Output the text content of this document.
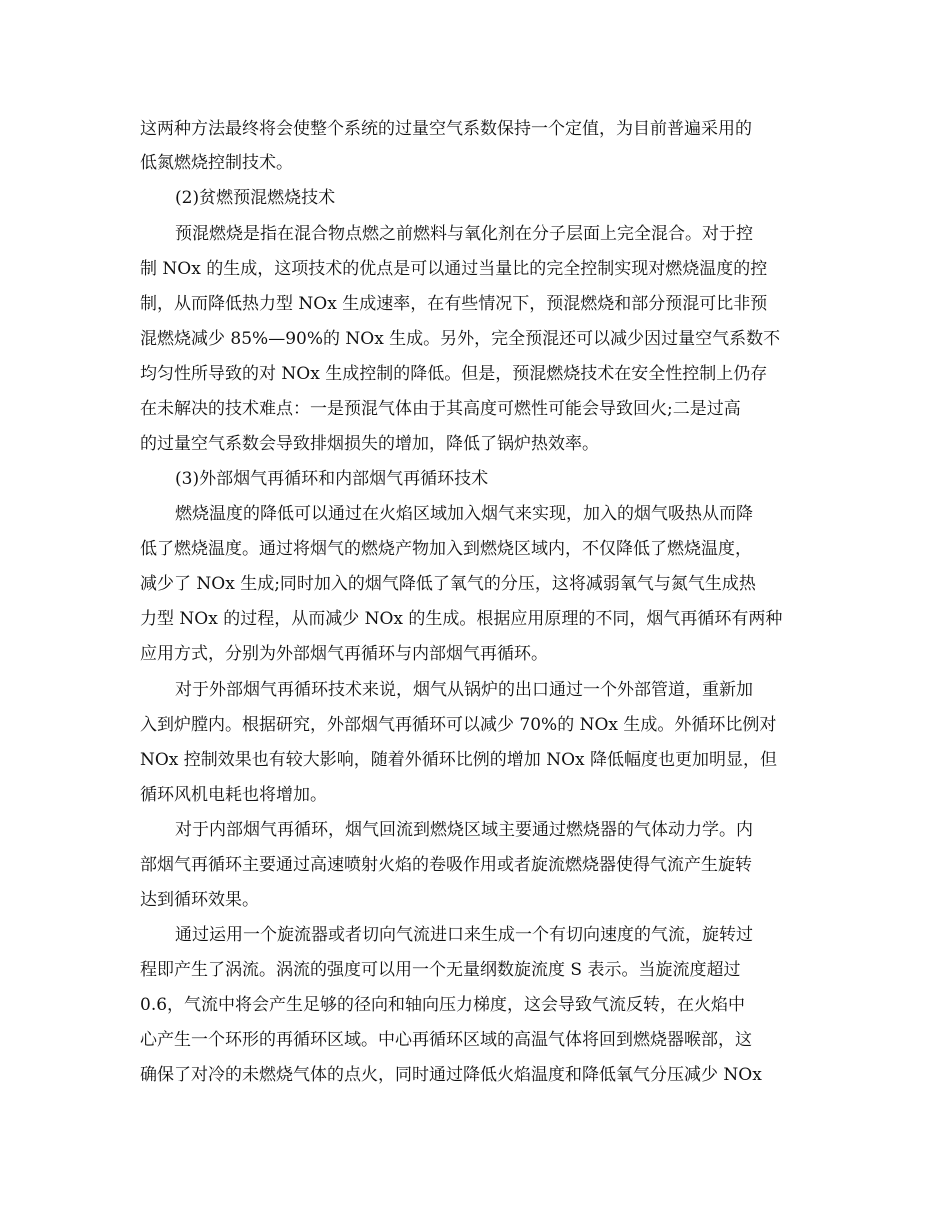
这两种方法最终将会使整个系统的过量空气系数保持一个定值，为目前普遍采用的
低氮燃烧控制技术。
(2)贫燃预混燃烧技术
预混燃烧是指在混合物点燃之前燃料与氧化剂在分子层面上完全混合。对于控
制 NOx 的生成，这项技术的优点是可以通过当量比的完全控制实现对燃烧温度的控
制，从而降低热力型 NOx 生成速率，在有些情况下，预混燃烧和部分预混可比非预
混燃烧减少 85%—90%的 NOx 生成。另外，完全预混还可以减少因过量空气系数不
均匀性所导致的对 NOx 生成控制的降低。但是，预混燃烧技术在安全性控制上仍存
在未解决的技术难点：一是预混气体由于其高度可燃性可能会导致回火;二是过高
的过量空气系数会导致排烟损失的增加，降低了锅炉热效率。
(3)外部烟气再循环和内部烟气再循环技术
燃烧温度的降低可以通过在火焰区域加入烟气来实现，加入的烟气吸热从而降
低了燃烧温度。通过将烟气的燃烧产物加入到燃烧区域内，不仅降低了燃烧温度，
减少了 NOx 生成;同时加入的烟气降低了氧气的分压，这将减弱氧气与氮气生成热
力型 NOx 的过程，从而减少 NOx 的生成。根据应用原理的不同，烟气再循环有两种
应用方式，分别为外部烟气再循环与内部烟气再循环。
对于外部烟气再循环技术来说，烟气从锅炉的出口通过一个外部管道，重新加
入到炉膛内。根据研究，外部烟气再循环可以减少 70%的 NOx 生成。外循环比例对
NOx 控制效果也有较大影响，随着外循环比例的增加 NOx 降低幅度也更加明显，但
循环风机电耗也将增加。
对于内部烟气再循环，烟气回流到燃烧区域主要通过燃烧器的气体动力学。内
部烟气再循环主要通过高速喷射火焰的卷吸作用或者旋流燃烧器使得气流产生旋转
达到循环效果。
通过运用一个旋流器或者切向气流进口来生成一个有切向速度的气流，旋转过
程即产生了涡流。涡流的强度可以用一个无量纲数旋流度 S 表示。当旋流度超过
0.6，气流中将会产生足够的径向和轴向压力梯度，这会导致气流反转，在火焰中
心产生一个环形的再循环区域。中心再循环区域的高温气体将回到燃烧器喉部，这
确保了对冷的未燃烧气体的点火，同时通过降低火焰温度和降低氧气分压减少 NOx
